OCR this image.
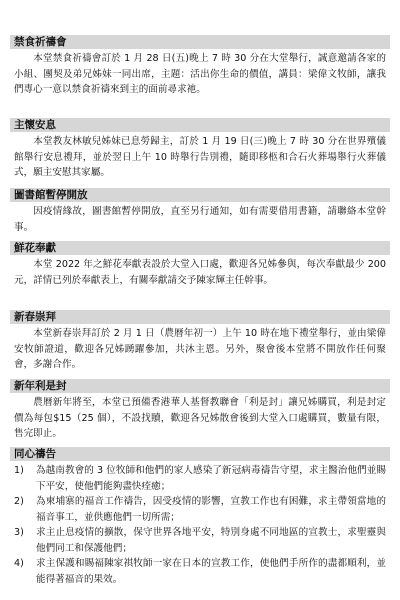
禁食祈禱會
本堂禁食祈禱會訂於 1 月 28 日(五)晚上 7 時 30 分在大堂舉行，誠意邀請各家的小組、團契及弟兄姊妹一同出席，主題：活出你生命的價值，講員：梁偉文牧師，讓我們專心一意以禁食祈禱來到主的面前尋求祂。
主懷安息
本堂教友林敏兒姊妹已息勞歸主，訂於 1 月 19 日(三)晚上 7 時 30 分在世界殯儀館舉行安息禮拜，並於翌日上午 10 時舉行告別禮，隨即移柩和合石火葬場舉行火葬儀式，願主安慰其家屬。
圖書館暫停開放
因疫情緣故，圖書館暫停開放，直至另行通知，如有需要借用書籍，請聯絡本堂幹事。
鮮花奉獻
本堂 2022 年之鮮花奉獻表設於大堂入口處，歡迎各兄姊參與，每次奉獻最少 200 元，詳情已列於奉獻表上，有關奉獻請交予陳家輝主任幹事。
新春崇拜
本堂新春崇拜訂於 2 月 1 日（農曆年初一）上午 10 時在地下禮堂舉行，並由梁偉安牧師證道，歡迎各兄姊踴躍參加，共沐主恩。另外，聚會後本堂將不開放作任何聚會，多謝合作。
新年利是封
農曆新年將至，本堂已預備香港華人基督教聯會「利是封」讓兄姊購買，利是封定價為每包$15（25 個），不設找贖，歡迎各兄姊散會後到大堂入口處購買，數量有限，售完即止。
同心禱告
1)	為越南教會的 3 位牧師和他們的家人感染了新冠病毒禱告守望，求主醫治他們並賜下平安，使他們能夠盡快痊癒；
2)	為柬埔寨的福音工作禱告，因受疫情的影響，宣教工作也有困難，求主帶領當地的福音事工，並供應他們一切所需；
3)	求主止息疫情的擴散，保守世界各地平安，特別身處不同地區的宣教士，求聖靈與他們同工和保護他們；
4)	求主保護和賜福陳家祺牧師一家在日本的宣教工作，使他們手所作的盡都順利，並能得著福音的果效。
